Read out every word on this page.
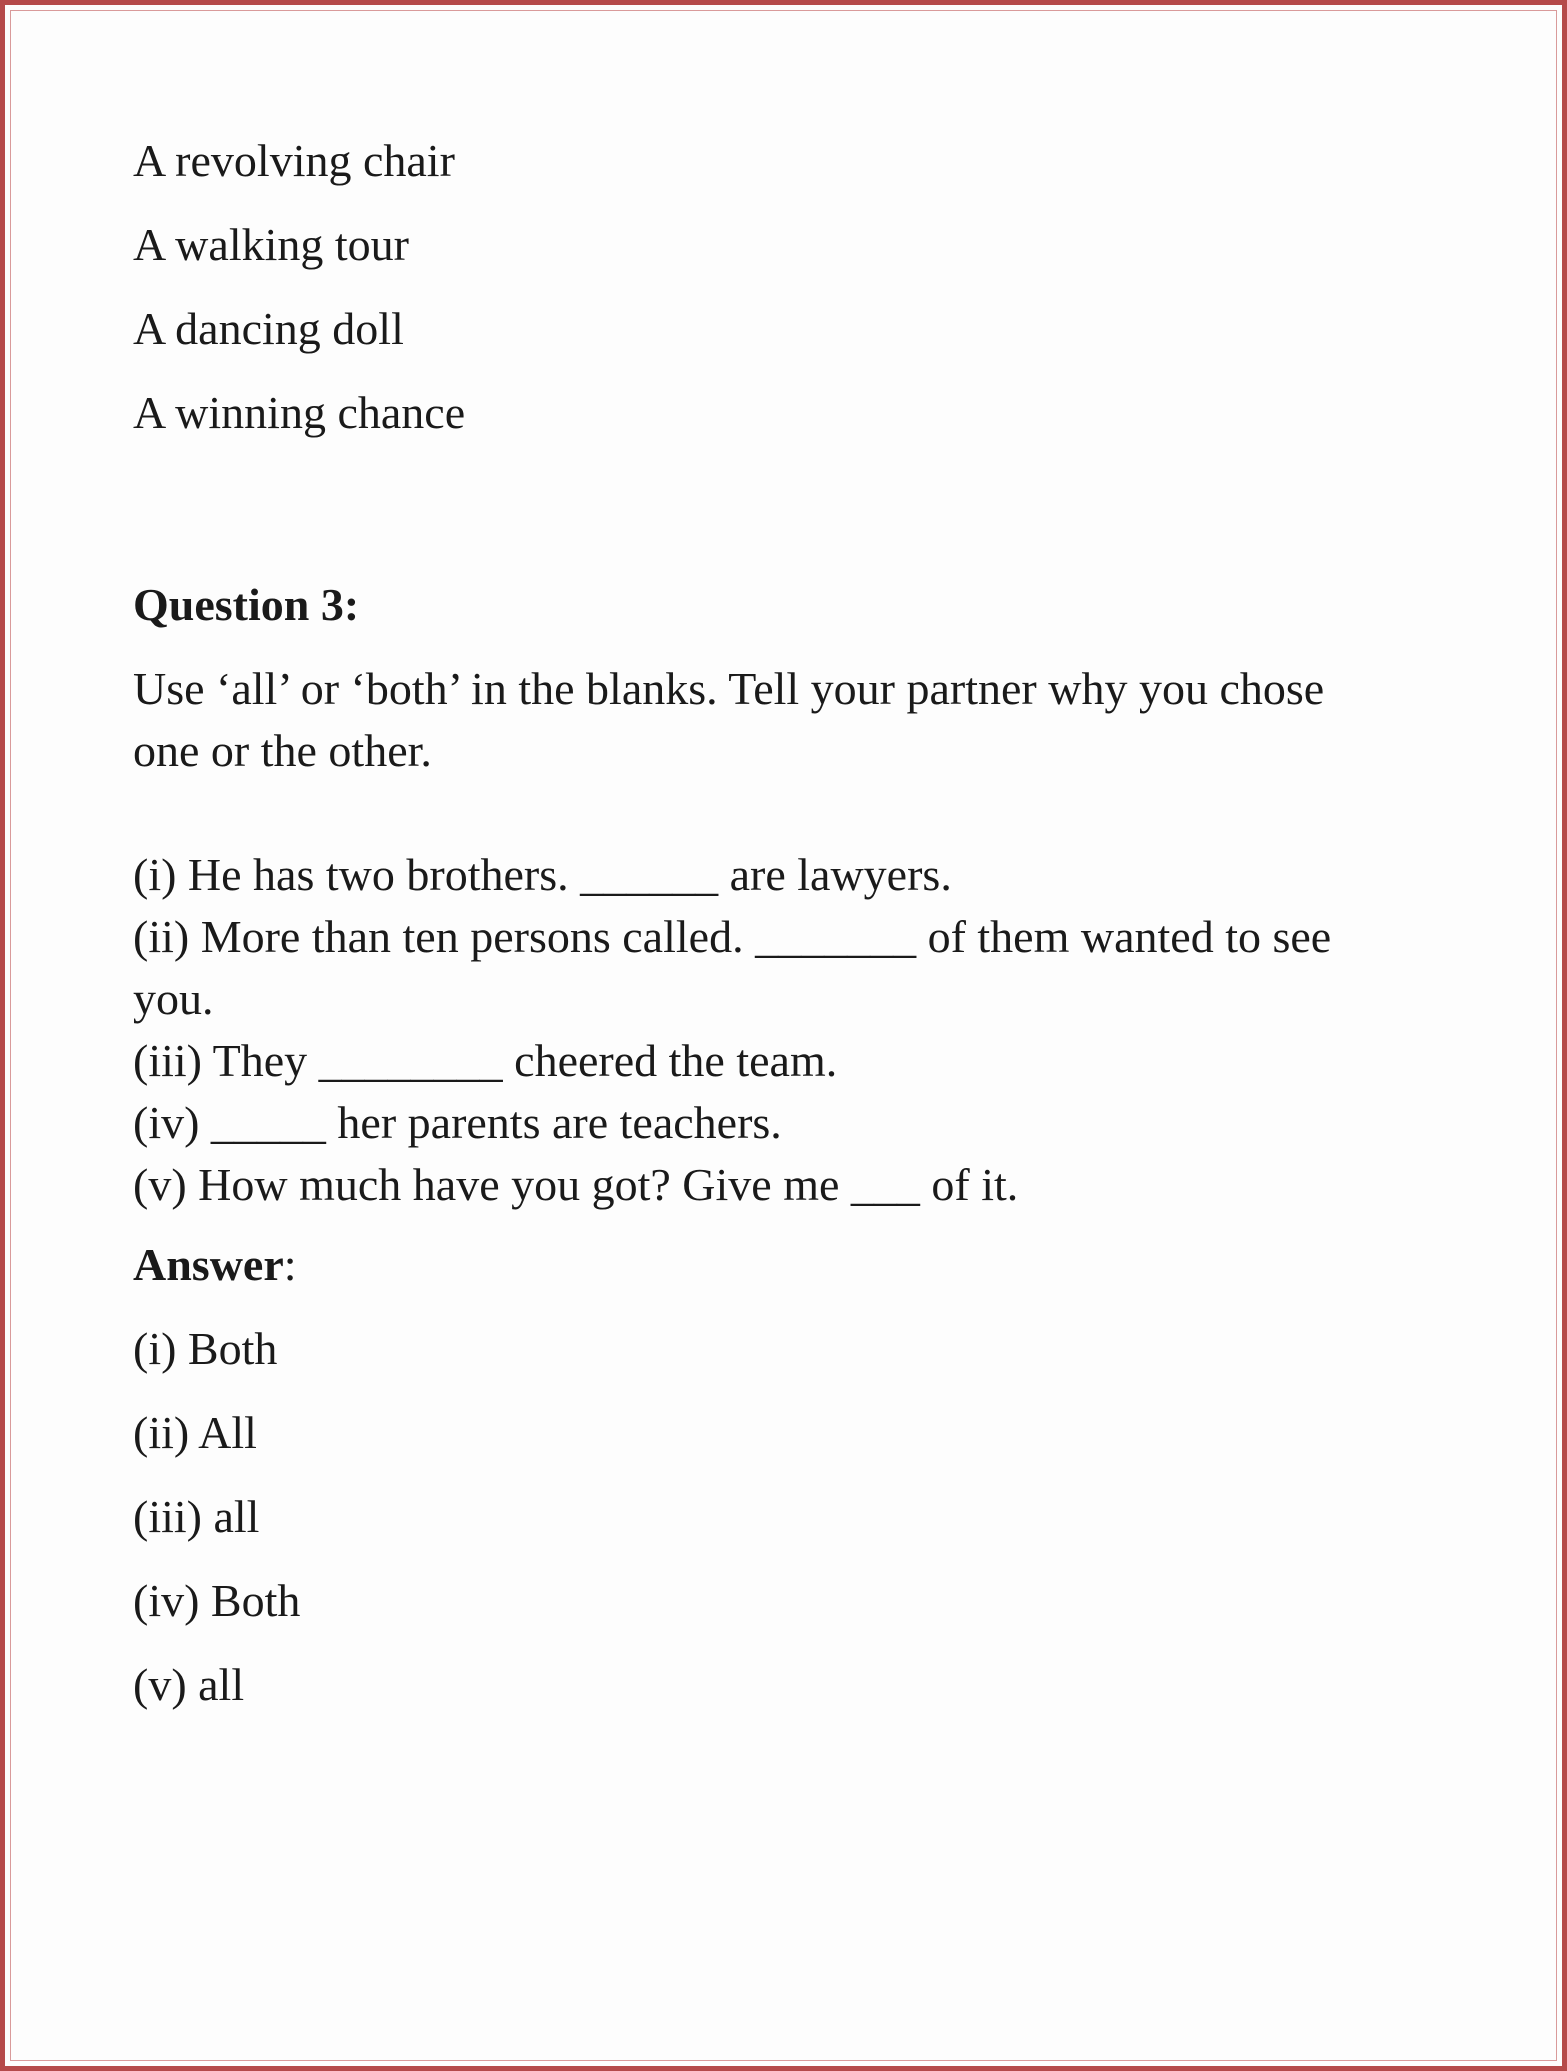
A revolving chair

A walking tour

A dancing doll

A winning chance

Question 3:

Use ‘all’ or ‘both’ in the blanks. Tell your partner why you chose one or the other.

(i) He has two brothers. ______ are lawyers.

(ii) More than ten persons called. _______ of them wanted to see you.

(iii) They ________ cheered the team.

(iv) _____ her parents are teachers.

(v) How much have you got? Give me ___ of it.

Answer:

(i) Both

(ii) All

(iii) all

(iv) Both

(v) all
